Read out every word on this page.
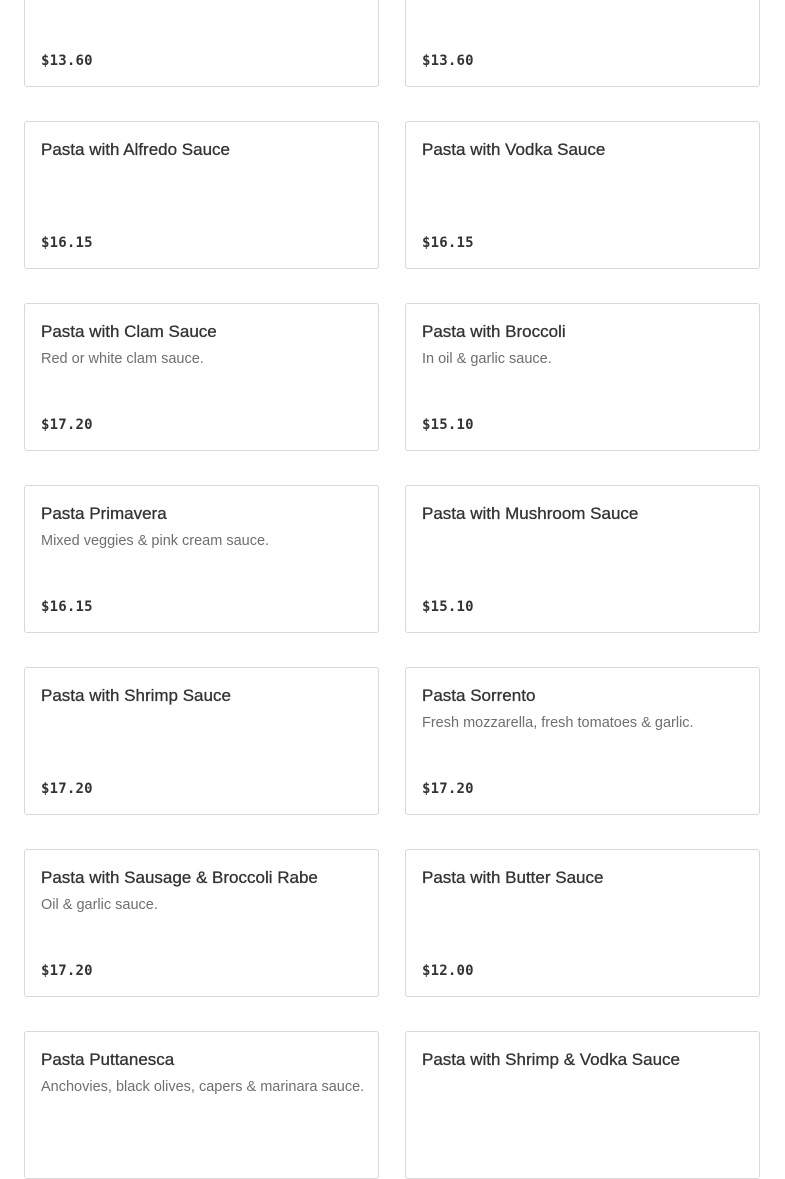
$13.60	$13.60
Pasta with Alfredo Sauce
$16.15
Pasta with Vodka Sauce
$16.15
Pasta with Clam Sauce
Red or white clam sauce.
$17.20
Pasta with Broccoli
In oil & garlic sauce.
$15.10
Pasta Primavera
Mixed veggies & pink cream sauce.
$16.15
Pasta with Mushroom Sauce
$15.10
Pasta with Shrimp Sauce
$17.20
Pasta Sorrento
Fresh mozzarella, fresh tomatoes & garlic.
$17.20
Pasta with Sausage & Broccoli Rabe
Oil & garlic sauce.
$17.20
Pasta with Butter Sauce
$12.00
Pasta Puttanesca
Anchovies, black olives, capers & marinara sauce.
Pasta with Shrimp & Vodka Sauce
